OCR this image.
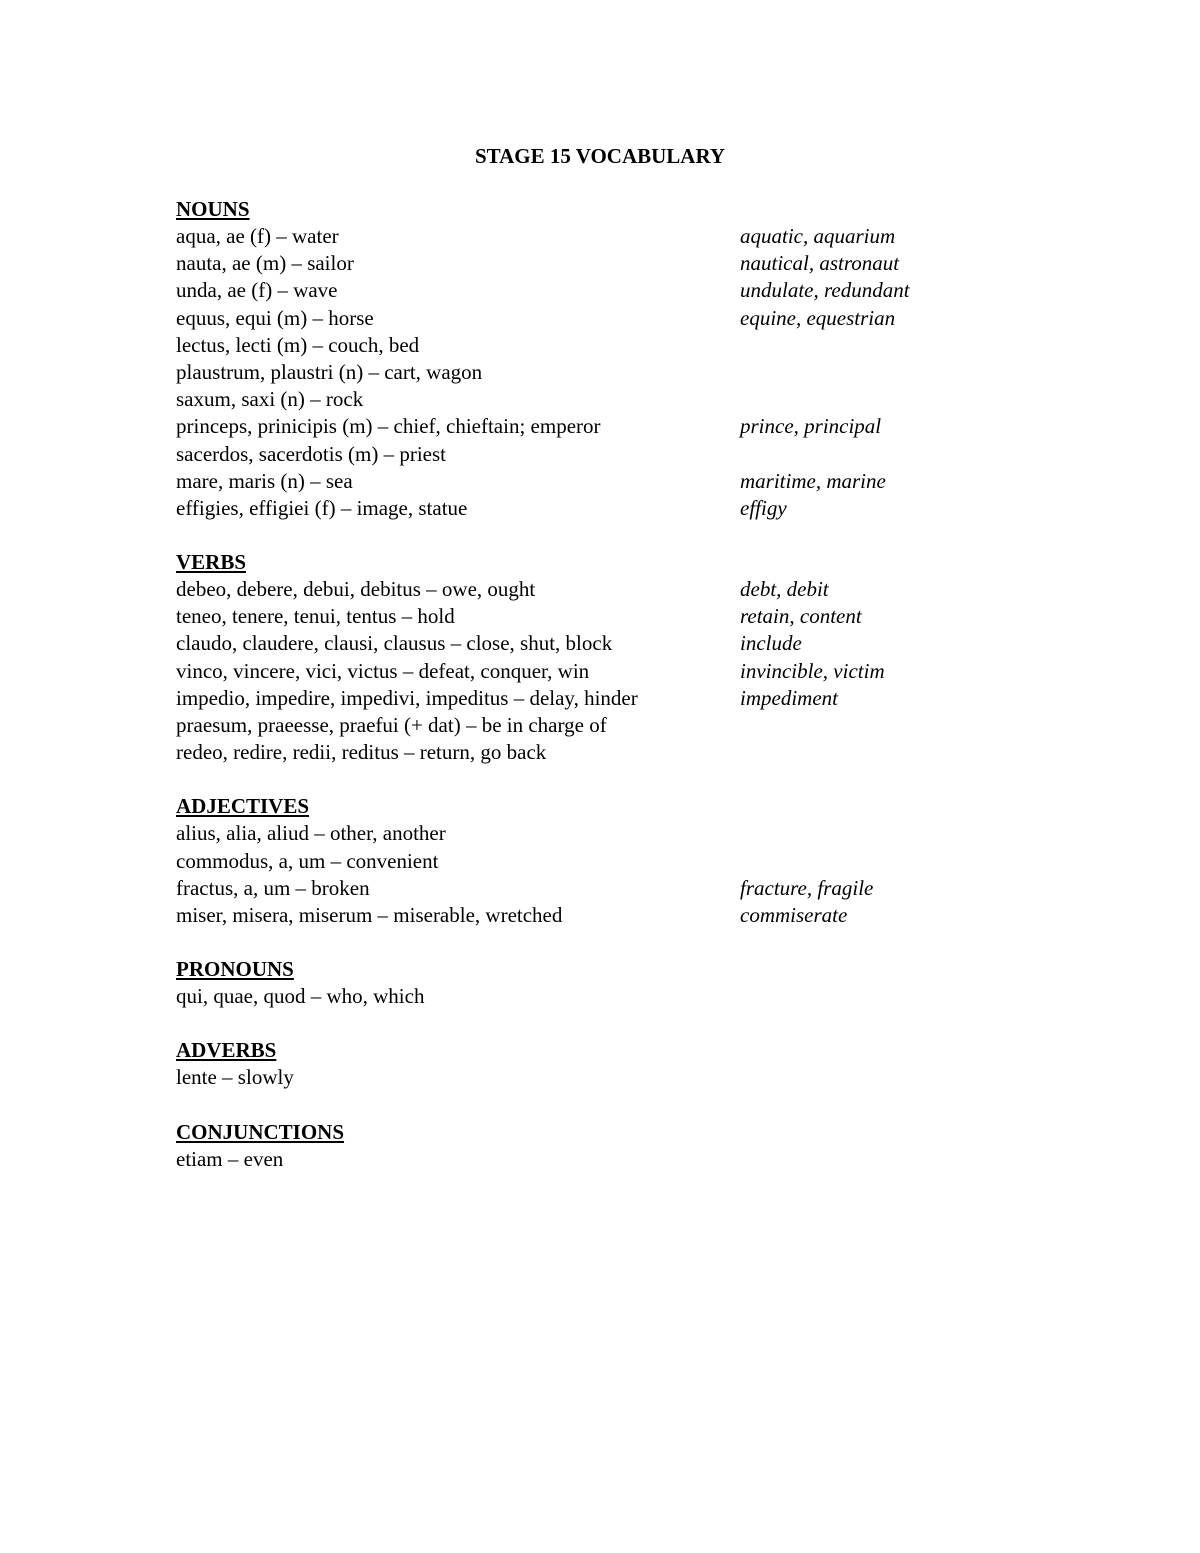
STAGE 15 VOCABULARY
NOUNS
aqua, ae (f) – water	aquatic, aquarium
nauta, ae (m) – sailor	nautical, astronaut
unda, ae (f) – wave	undulate, redundant
equus, equi (m) – horse	equine, equestrian
lectus, lecti (m) – couch, bed
plaustrum, plaustri (n) – cart, wagon
saxum, saxi (n) – rock
princeps, prinicipis (m) – chief, chieftain; emperor	prince, principal
sacerdos, sacerdotis (m) – priest
mare, maris (n) – sea	maritime, marine
effigies, effigiei (f) – image, statue	effigy
VERBS
debeo, debere, debui, debitus – owe, ought	debt, debit
teneo, tenere, tenui, tentus – hold	retain, content
claudo, claudere, clausi, clausus – close, shut, block	include
vinco, vincere, vici, victus – defeat, conquer, win	invincible, victim
impedio, impedire, impedivi, impeditus – delay, hinder	impediment
praesum, praeesse, praefui (+ dat) – be in charge of
redeo, redire, redii, reditus – return, go back
ADJECTIVES
alius, alia, aliud – other, another
commodus, a, um – convenient
fractus, a, um – broken	fracture, fragile
miser, misera, miserum – miserable, wretched	commiserate
PRONOUNS
qui, quae, quod – who, which
ADVERBS
lente – slowly
CONJUNCTIONS
etiam – even
